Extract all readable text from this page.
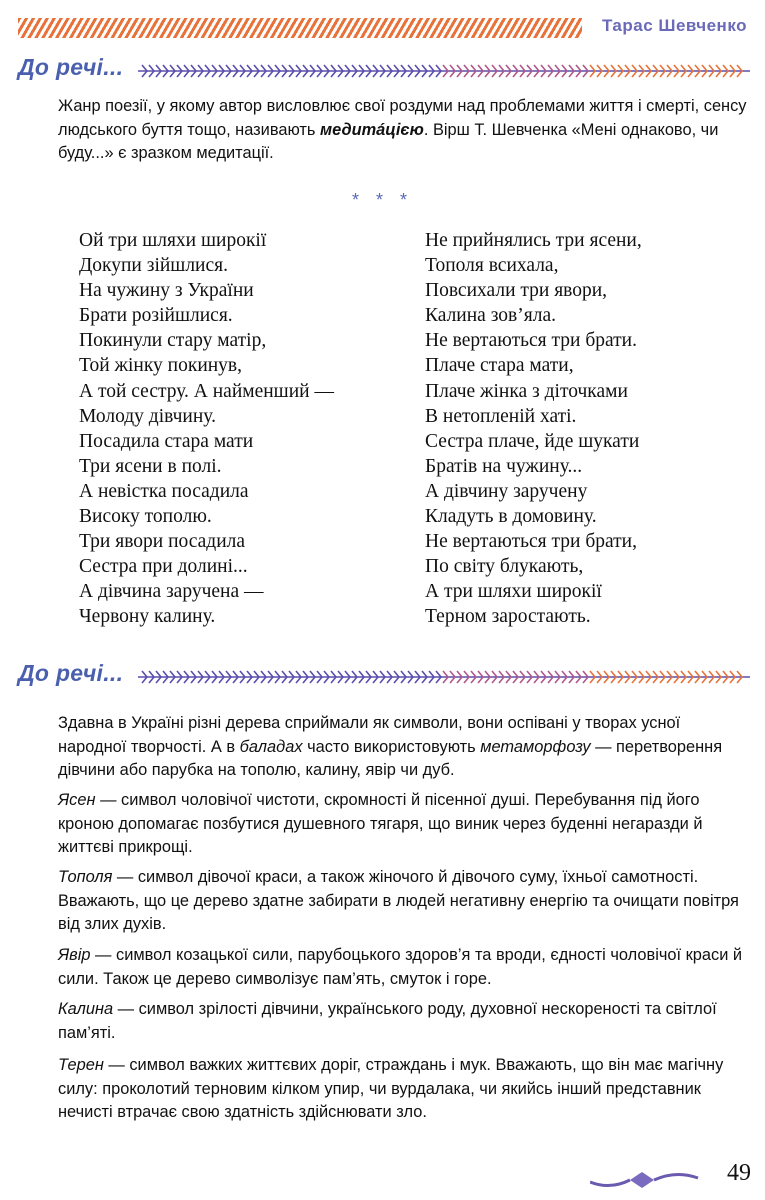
Тарас Шевченко
До речі...

Жанр поезії, у якому автор висловлює свої роздуми над проблемами життя і смерті, сенсу людського буття тощо, називають медитáцією. Вірш Т. Шевченка «Мені однаково, чи буду...» є зразком медитації.

* * *
Ой три шляхи широкії
Докупи зійшлися.
На чужину з України
Брати розійшлися.
Покинули стару матір,
Той жінку покинув,
А той сестру. А найменший —
Молоду дівчину.
Посадила стара мати
Три ясени в полі.
А невістка посадила
Високу тополю.
Три явори посадила
Сестра при долині...
А дівчина заручена —
Червону калину.
Не прийнялись три ясени,
Тополя всихала,
Повсихали три явори,
Калина зов’яла.
Не вертаються три брати.
Плаче стара мати,
Плаче жінка з діточками
В нетопленій хаті.
Сестра плаче, йде шукати
Братів на чужину...
А дівчину заручену
Кладуть в домовину.
Не вертаються три брати,
По світу блукають,
А три шляхи широкії
Терном заростають.
До речі...

Здавна в Україні різні дерева сприймали як символи, вони оспівані у творах усної народної творчості. А в баладах часто використовують метаморфозу — перетворення дівчини або парубка на тополю, калину, явір чи дуб.

Ясен — символ чоловічої чистоти, скромності й пісенної душі. Перебування під його кроною допомагає позбутися душевного тягаря, що виник через буденні негаразди й життєві прикрощі.

Тополя — символ дівочої краси, а також жіночого й дівочого суму, їхньої самотності. Вважають, що це дерево здатне забирати в людей негативну енергію та очищати повітря від злих духів.

Явір — символ козацької сили, парубоцького здоров’я та вроди, єдності чоловічої краси й сили. Також це дерево символізує пам’ять, смуток і горе.

Калина — символ зрілості дівчини, українського роду, духовної нескореності та світлої пам’яті.

Терен — символ важких життєвих доріг, страждань і мук. Вважають, що він має магічну силу: проколотий терновим кілком упир, чи вурдалака, чи якийсь інший представник нечисті втрачає свою здатність здійснювати зло.

49
